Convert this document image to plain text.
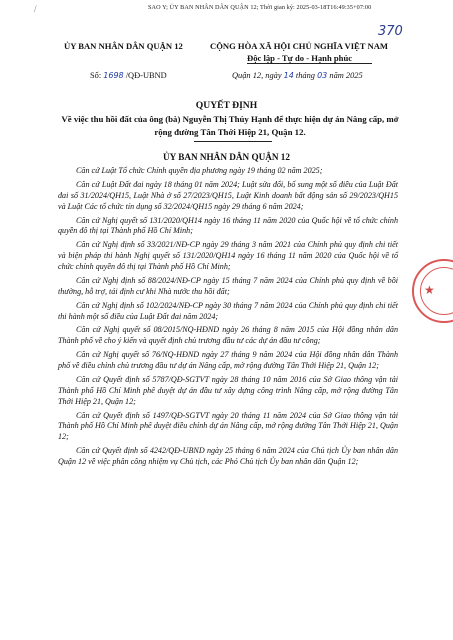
/	SAO Y; ỦY BAN NHÂN DÂN QUẬN 12; Thời gian ký: 2025-03-18T16:49:35+07:00
370
ỦY BAN NHÂN DÂN QUẬN 12	CỘNG HÒA XÃ HỘI CHỦ NGHĨA VIỆT NAM
Độc lập - Tự do - Hạnh phúc
Số: 1698 /QĐ-UBND	Quận 12, ngày 14 tháng 03 năm 2025
QUYẾT ĐỊNH
Về việc thu hồi đất của ông (bà) Nguyễn Thị Thúy Hạnh để thực hiện dự án Nâng cấp, mở rộng đường Tân Thới Hiệp 21, Quận 12.
ỦY BAN NHÂN DÂN QUẬN 12

Căn cứ Luật Tổ chức Chính quyền địa phương ngày 19 tháng 02 năm 2025;

Căn cứ Luật Đất đai ngày 18 tháng 01 năm 2024; Luật sửa đổi, bổ sung một số điều của Luật Đất đai số 31/2024/QH15, Luật Nhà ở số 27/2023/QH15, Luật Kinh doanh bất động sản số 29/2023/QH15 và Luật Các tổ chức tín dụng số 32/2024/QH15 ngày 29 tháng 6 năm 2024;

Căn cứ Nghị quyết số 131/2020/QH14 ngày 16 tháng 11 năm 2020 của Quốc hội về tổ chức chính quyền đô thị tại Thành phố Hồ Chí Minh;

Căn cứ Nghị định số 33/2021/NĐ-CP ngày 29 tháng 3 năm 2021 của Chính phủ quy định chi tiết và biện pháp thi hành Nghị quyết số 131/2020/QH14 ngày 16 tháng 11 năm 2020 của Quốc hội về tổ chức chính quyền đô thị tại Thành phố Hồ Chí Minh;

Căn cứ Nghị định số 88/2024/NĐ-CP ngày 15 tháng 7 năm 2024 của Chính phủ quy định về bồi thường, hỗ trợ, tái định cư khi Nhà nước thu hồi đất;

Căn cứ Nghị định số 102/2024/NĐ-CP ngày 30 tháng 7 năm 2024 của Chính phủ quy định chi tiết thi hành một số điều của Luật Đất đai năm 2024;

Căn cứ Nghị quyết số 08/2015/NQ-HĐND ngày 26 tháng 8 năm 2015 của Hội đồng nhân dân Thành phố về cho ý kiến và quyết định chủ trương đầu tư các dự án đầu tư công;

Căn cứ Nghị quyết số 76/NQ-HĐND ngày 27 tháng 9 năm 2024 của Hội đồng nhân dân Thành phố về điều chỉnh chủ trương đầu tư dự án Nâng cấp, mở rộng đường Tân Thới Hiệp 21, Quận 12;

Căn cứ Quyết định số 5787/QĐ-SGTVT ngày 28 tháng 10 năm 2016 của Sở Giao thông vận tải Thành phố Hồ Chí Minh phê duyệt dự án đầu tư xây dựng công trình Nâng cấp, mở rộng đường Tân Thới Hiệp 21, Quận 12;

Căn cứ Quyết định số 1497/QĐ-SGTVT ngày 20 tháng 11 năm 2024 của Sở Giao thông vận tải Thành phố Hồ Chí Minh phê duyệt điều chỉnh dự án Nâng cấp, mở rộng đường Tân Thới Hiệp 21, Quận 12;

Căn cứ Quyết định số 4242/QĐ-UBND ngày 25 tháng 6 năm 2024 của Chủ tịch Ủy ban nhân dân Quận 12 về việc phân công nhiệm vụ Chủ tịch, các Phó Chủ tịch Ủy ban nhân dân Quận 12;

★
